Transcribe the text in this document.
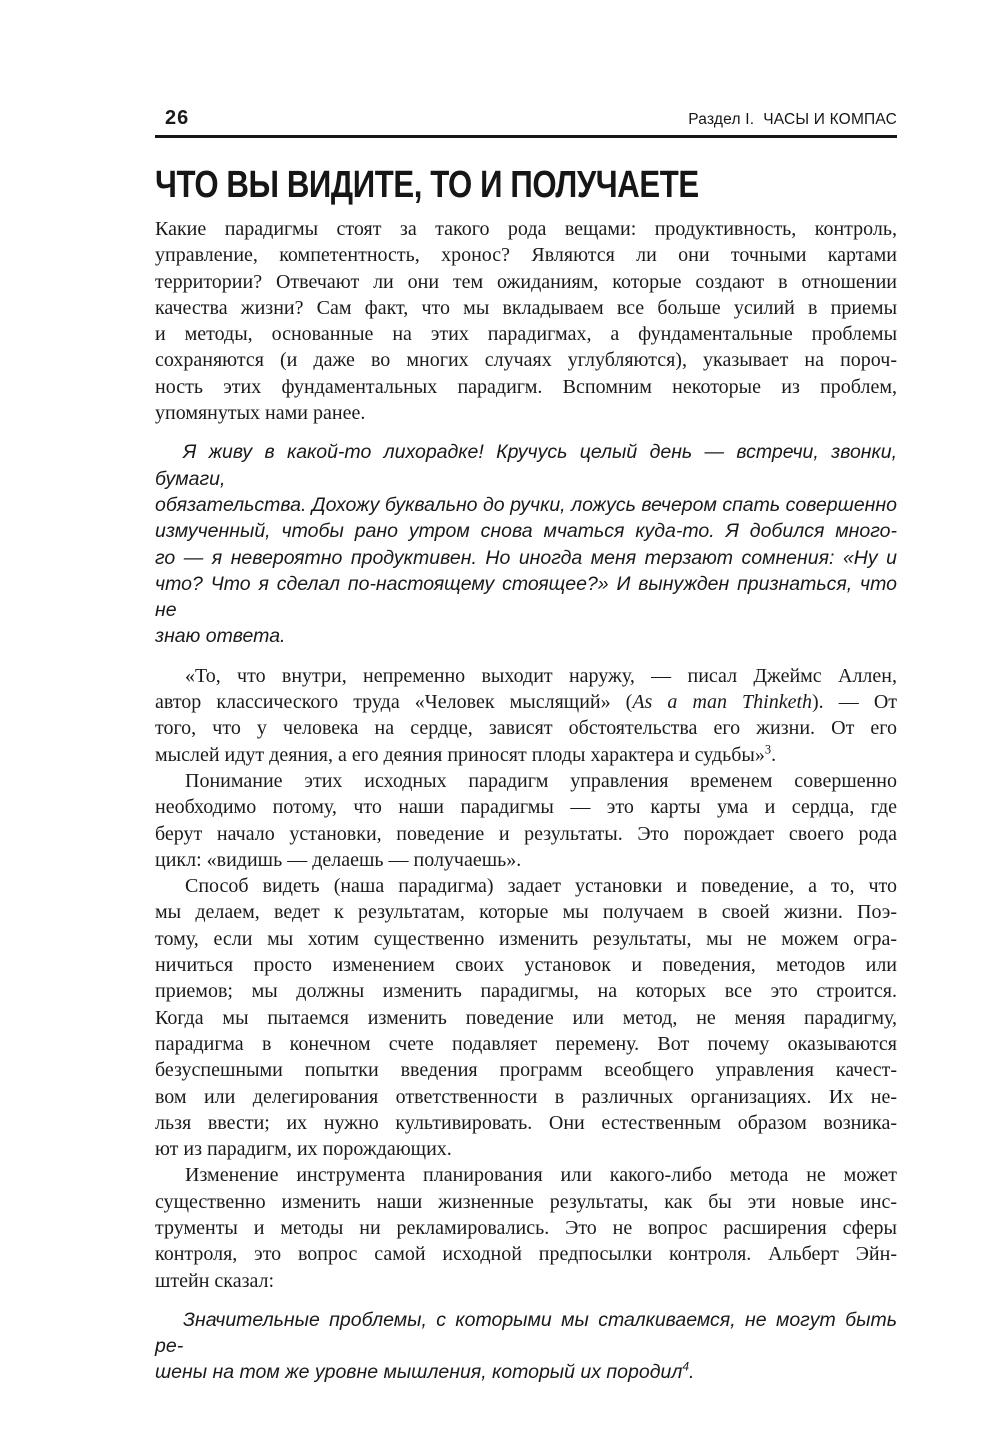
26	Раздел I. ЧАСЫ И КОМПАС
ЧТО ВЫ ВИДИТЕ, ТО И ПОЛУЧАЕТЕ
Какие парадигмы стоят за такого рода вещами: продуктивность, контроль,
управление, компетентность, хронос? Являются ли они точными картами
территории? Отвечают ли они тем ожиданиям, которые создают в отношении
качества жизни? Сам факт, что мы вкладываем все больше усилий в приемы
и методы, основанные на этих парадигмах, а фундаментальные проблемы
сохраняются (и даже во многих случаях углубляются), указывает на пороч-
ность этих фундаментальных парадигм. Вспомним некоторые из проблем,
упомянутых нами ранее.
Я живу в какой-то лихорадке! Кручусь целый день — встречи, звонки, бумаги,
обязательства. Дохожу буквально до ручки, ложусь вечером спать совершенно
измученный, чтобы рано утром снова мчаться куда-то. Я добился много-
го — я невероятно продуктивен. Но иногда меня терзают сомнения: «Ну и
что? Что я сделал по-настоящему стоящее?» И вынужден признаться, что не
знаю ответа.
«То, что внутри, непременно выходит наружу, — писал Джеймс Аллен,
автор классического труда «Человек мыслящий» (As a man Thinketh). — От
того, что у человека на сердце, зависят обстоятельства его жизни. От его
мыслей идут деяния, а его деяния приносят плоды характера и судьбы»$^3$.
Понимание этих исходных парадигм управления временем совершенно
необходимо потому, что наши парадигмы — это карты ума и сердца, где
берут начало установки, поведение и результаты. Это порождает своего рода
цикл: «видишь — делаешь — получаешь».
Способ видеть (наша парадигма) задает установки и поведение, а то, что
мы делаем, ведет к результатам, которые мы получаем в своей жизни. Поэ-
тому, если мы хотим существенно изменить результаты, мы не можем огра-
ничиться просто изменением своих установок и поведения, методов или
приемов; мы должны изменить парадигмы, на которых все это строится.
Когда мы пытаемся изменить поведение или метод, не меняя парадигму,
парадигма в конечном счете подавляет перемену. Вот почему оказываются
безуспешными попытки введения программ всеобщего управления качест-
вом или делегирования ответственности в различных организациях. Их не-
льзя ввести; их нужно культивировать. Они естественным образом возника-
ют из парадигм, их порождающих.
Изменение инструмента планирования или какого-либо метода не может
существенно изменить наши жизненные результаты, как бы эти новые инс-
трументы и методы ни рекламировались. Это не вопрос расширения сферы
контроля, это вопрос самой исходной предпосылки контроля. Альберт Эйн-
штейн сказал:
Значительные проблемы, с которыми мы сталкиваемся, не могут быть ре-
шены на том же уровне мышления, который их породил$^4$.
